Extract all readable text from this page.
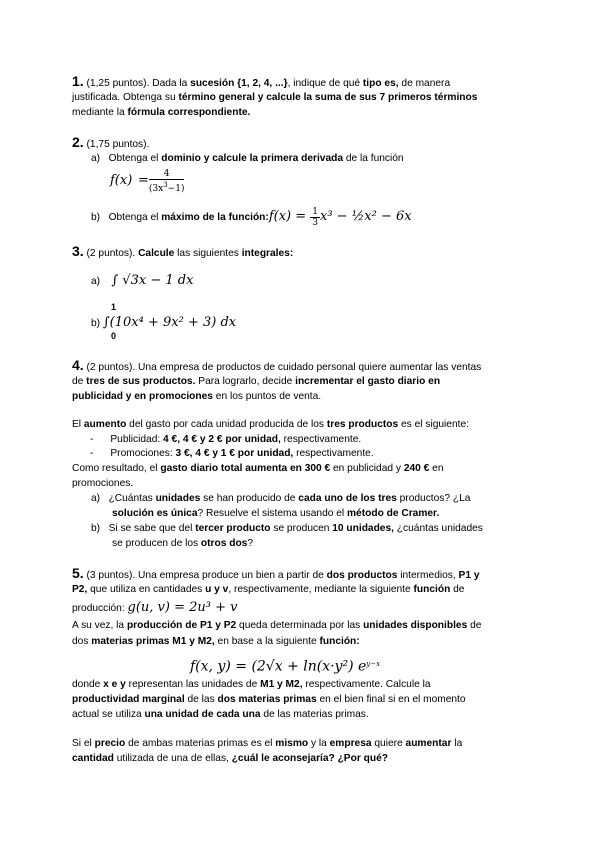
1. (1,25 puntos). Dada la sucesión {1, 2, 4, ...}, indique de qué tipo es, de manera
justificada. Obtenga su término general y calcule la suma de sus 7 primeros términos
mediante la fórmula correspondiente.
2. (1,75 puntos).
a) Obtenga el dominio y calcule la primera derivada de la función
$f(x) = \frac{4}{(3x^3-1)}$
b) Obtenga el máximo de la función:f(x) = $\frac{1}{3} x^3$ − ½x² − 6x
3. (2 puntos). Calcule las siguientes integrales:
a) ∫ √3x − 1 dx
1
b) ∫(10x⁴ + 9x² + 3) dx
0
4. (2 puntos). Una empresa de productos de cuidado personal quiere aumentar las ventas
de tres de sus productos. Para lograrlo, decide incrementar el gasto diario en
publicidad y en promociones en los puntos de venta.
El aumento del gasto por cada unidad producida de los tres productos es el siguiente:
-      Publicidad: 4 €, 4 € y 2 € por unidad, respectivamente.
-      Promociones: 3 €, 4 € y 1 € por unidad, respectivamente.
Como resultado, el gasto diario total aumenta en 300 € en publicidad y 240 € en
promociones.
a) ¿Cuántas unidades se han producido de cada uno de los tres productos? ¿La
solución es única? Resuelve el sistema usando el método de Cramer.
b) Si se sabe que del tercer producto se producen 10 unidades, ¿cuántas unidades
se producen de los otros dos?
5. (3 puntos). Una empresa produce un bien a partir de dos productos intermedios, P1 y
P2, que utiliza en cantidades u y v, respectivamente, mediante la siguiente función de
producción: g(u, v) = 2u³ + v
A su vez, la producción de P1 y P2 queda determinada por las unidades disponibles de
dos materias primas M1 y M2, en base a la siguiente función:
f(x, y) = (2√x + ln(x·y²) $e^{y-x}$
donde x e y representan las unidades de M1 y M2, respectivamente. Calcule la
productividad marginal de las dos materias primas en el bien final si en el momento
actual se utiliza una unidad de cada una de las materias primas.
Si el precio de ambas materias primas es el mismo y la empresa quiere aumentar la
cantidad utilizada de una de ellas, ¿cuál le aconsejaría? ¿Por qué?
